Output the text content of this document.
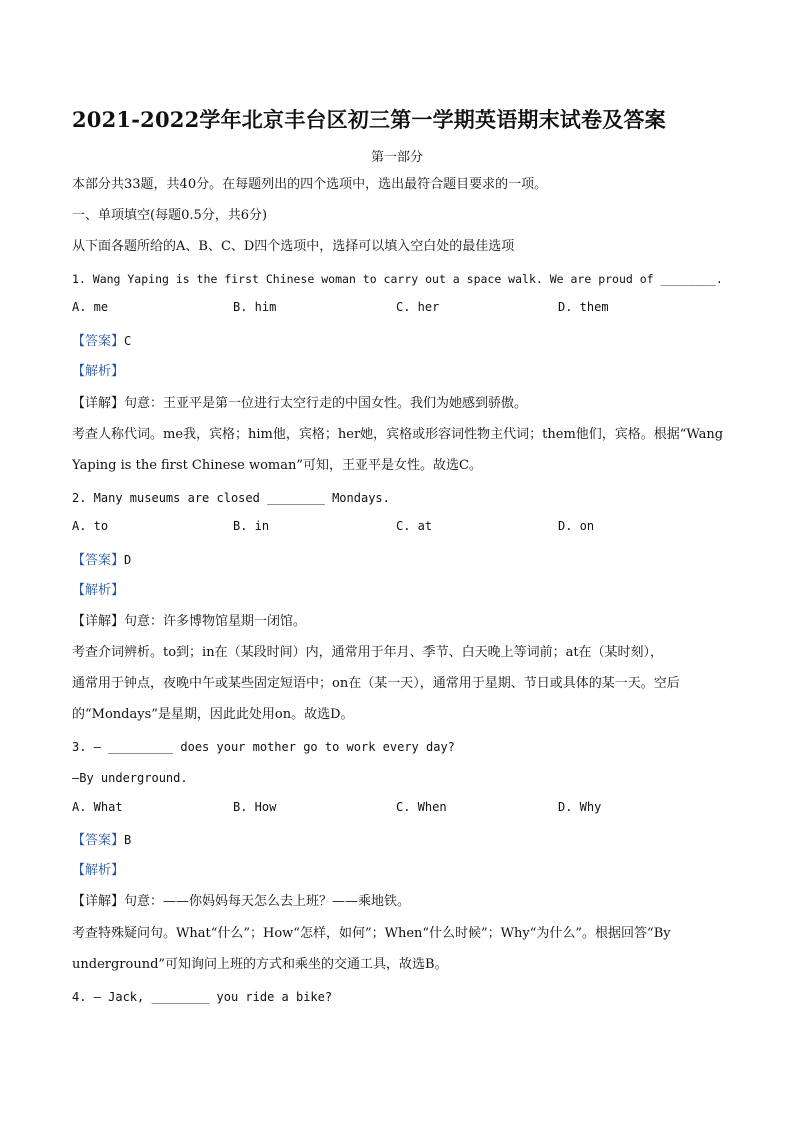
2021-2022学年北京丰台区初三第一学期英语期末试卷及答案
第一部分
本部分共33题，共40分。在每题列出的四个选项中，选出最符合题目要求的一项。
一、单项填空(每题0.5分，共6分)
从下面各题所给的A、B、C、D四个选项中，选择可以填入空白处的最佳选项
1. Wang Yaping is the first Chinese woman to carry out a space walk. We are proud of ________.
A. me	B. him	C. her	D. them
【答案】C
【解析】
【详解】句意：王亚平是第一位进行太空行走的中国女性。我们为她感到骄傲。
考查人称代词。me我，宾格；him他，宾格；her她，宾格或形容词性物主代词；them他们，宾格。根据“Wang
Yaping is the first Chinese woman”可知，王亚平是女性。故选C。
2. Many museums are closed ________ Mondays.
A. to	B. in	C. at	D. on
【答案】D
【解析】
【详解】句意：许多博物馆星期一闭馆。
考查介词辨析。to到；in在（某段时间）内，通常用于年月、季节、白天晚上等词前；at在（某时刻），
通常用于钟点，夜晚中午或某些固定短语中；on在（某一天），通常用于星期、节日或具体的某一天。空后
的“Mondays”是星期，因此此处用on。故选D。
3. — _________ does your mother go to work every day?
—By underground.
A. What	B. How	C. When	D. Why
【答案】B
【解析】
【详解】句意：——你妈妈每天怎么去上班？——乘地铁。
考查特殊疑问句。What“什么”；How“怎样，如何”；When“什么时候”；Why“为什么”。根据回答“By
underground”可知询问上班的方式和乘坐的交通工具，故选B。
4. — Jack, ________ you ride a bike?
